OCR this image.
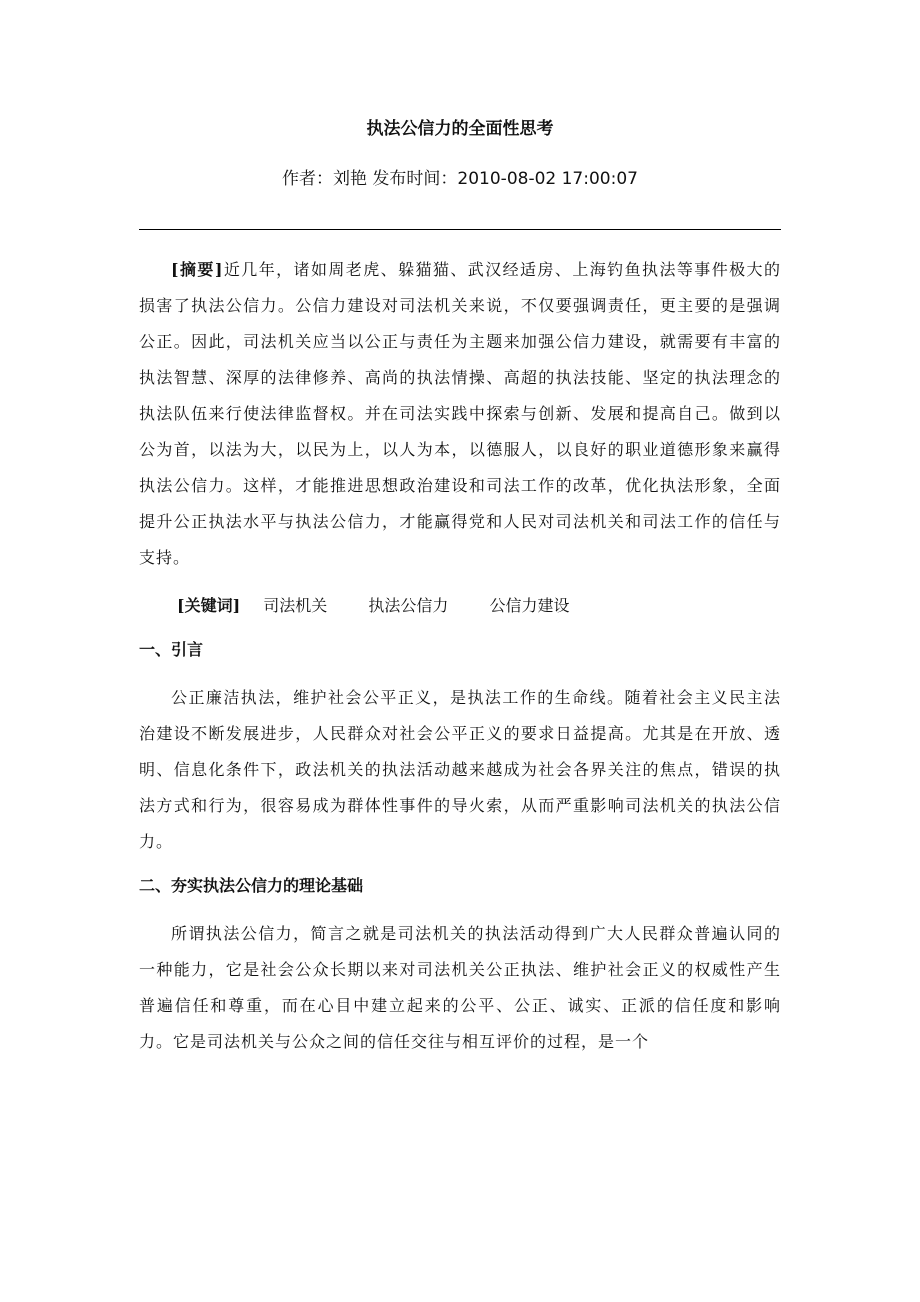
执法公信力的全面性思考
作者：刘艳 发布时间：2010-08-02 17:00:07

[摘要]近几年，诸如周老虎、躲猫猫、武汉经适房、上海钓鱼执法等事件极大的损害了执法公信力。公信力建设对司法机关来说，不仅要强调责任，更主要的是强调公正。因此，司法机关应当以公正与责任为主题来加强公信力建设，就需要有丰富的执法智慧、深厚的法律修养、高尚的执法情操、高超的执法技能、坚定的执法理念的执法队伍来行使法律监督权。并在司法实践中探索与创新、发展和提高自己。做到以公为首，以法为大，以民为上，以人为本，以德服人，以良好的职业道德形象来赢得执法公信力。这样，才能推进思想政治建设和司法工作的改革，优化执法形象，全面提升公正执法水平与执法公信力，才能赢得党和人民对司法机关和司法工作的信任与支持。

[关键词] 司法机关	执法公信力	公信力建设
一、引言

公正廉洁执法，维护社会公平正义，是执法工作的生命线。随着社会主义民主法治建设不断发展进步，人民群众对社会公平正义的要求日益提高。尤其是在开放、透明、信息化条件下，政法机关的执法活动越来越成为社会各界关注的焦点，错误的执法方式和行为，很容易成为群体性事件的导火索，从而严重影响司法机关的执法公信力。

二、夯实执法公信力的理论基础

所谓执法公信力，简言之就是司法机关的执法活动得到广大人民群众普遍认同的一种能力，它是社会公众长期以来对司法机关公正执法、维护社会正义的权威性产生普遍信任和尊重，而在心目中建立起来的公平、公正、诚实、正派的信任度和影响力。它是司法机关与公众之间的信任交往与相互评价的过程，是一个
